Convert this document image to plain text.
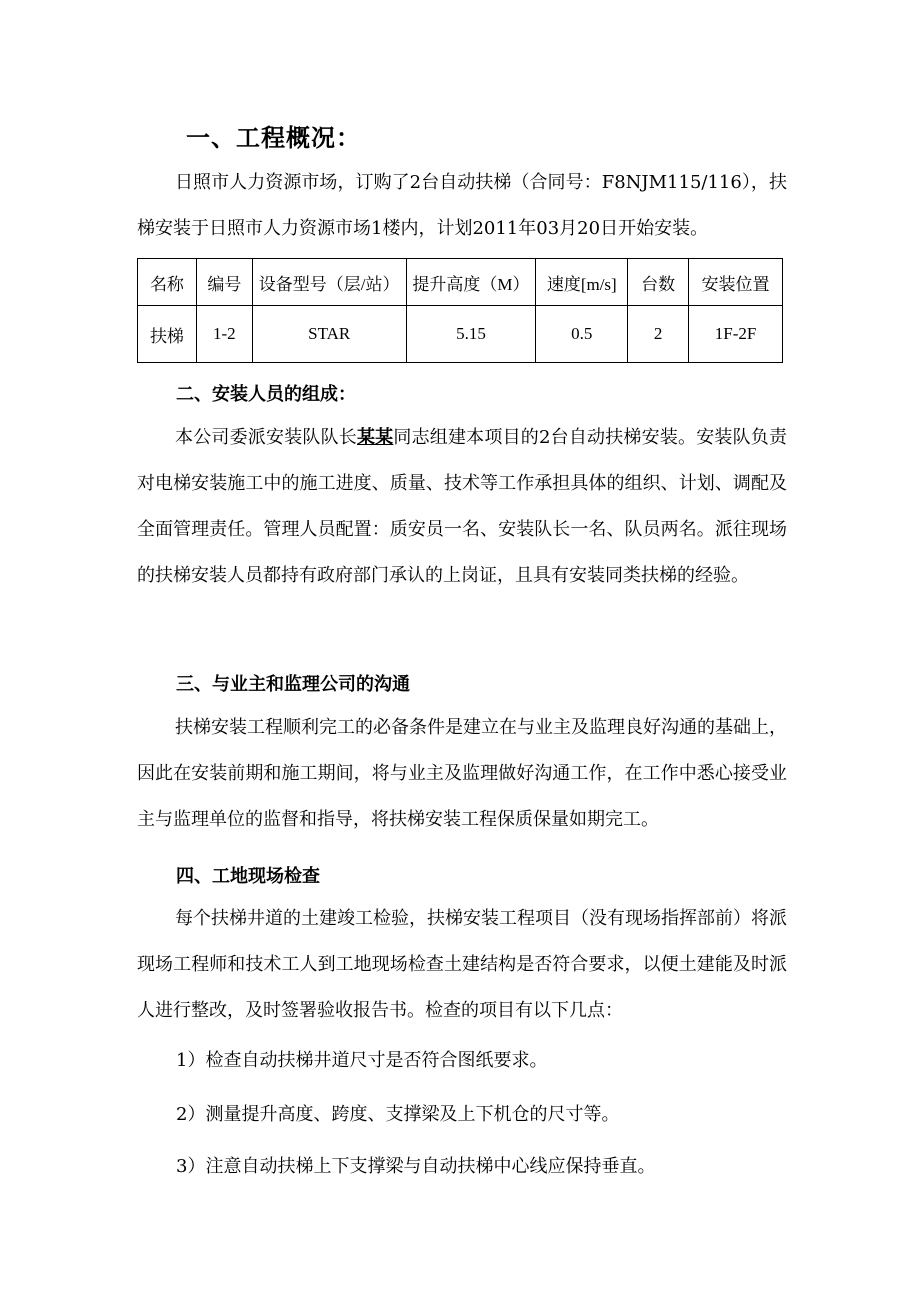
一、工程概况：
日照市人力资源市场，订购了2台自动扶梯（合同号：F8NJM115/116），扶梯安装于日照市人力资源市场1楼内，计划2011年03月20日开始安装。
名称	编号	设备型号（层/站）	提升高度（M）	速度[m/s]	台数	安装位置
扶梯	1-2	STAR	5.15	0.5	2	1F-2F
二、安装人员的组成：
本公司委派安装队队长某某同志组建本项目的2台自动扶梯安装。安装队负责对电梯安装施工中的施工进度、质量、技术等工作承担具体的组织、计划、调配及全面管理责任。管理人员配置：质安员一名、安装队长一名、队员两名。派往现场的扶梯安装人员都持有政府部门承认的上岗证，且具有安装同类扶梯的经验。
三、与业主和监理公司的沟通
扶梯安装工程顺利完工的必备条件是建立在与业主及监理良好沟通的基础上，因此在安装前期和施工期间，将与业主及监理做好沟通工作，在工作中悉心接受业主与监理单位的监督和指导，将扶梯安装工程保质保量如期完工。
四、工地现场检查
每个扶梯井道的土建竣工检验，扶梯安装工程项目（没有现场指挥部前）将派现场工程师和技术工人到工地现场检查土建结构是否符合要求，以便土建能及时派人进行整改，及时签署验收报告书。检查的项目有以下几点：
1）检查自动扶梯井道尺寸是否符合图纸要求。
2）测量提升高度、跨度、支撑梁及上下机仓的尺寸等。
3）注意自动扶梯上下支撑梁与自动扶梯中心线应保持垂直。
